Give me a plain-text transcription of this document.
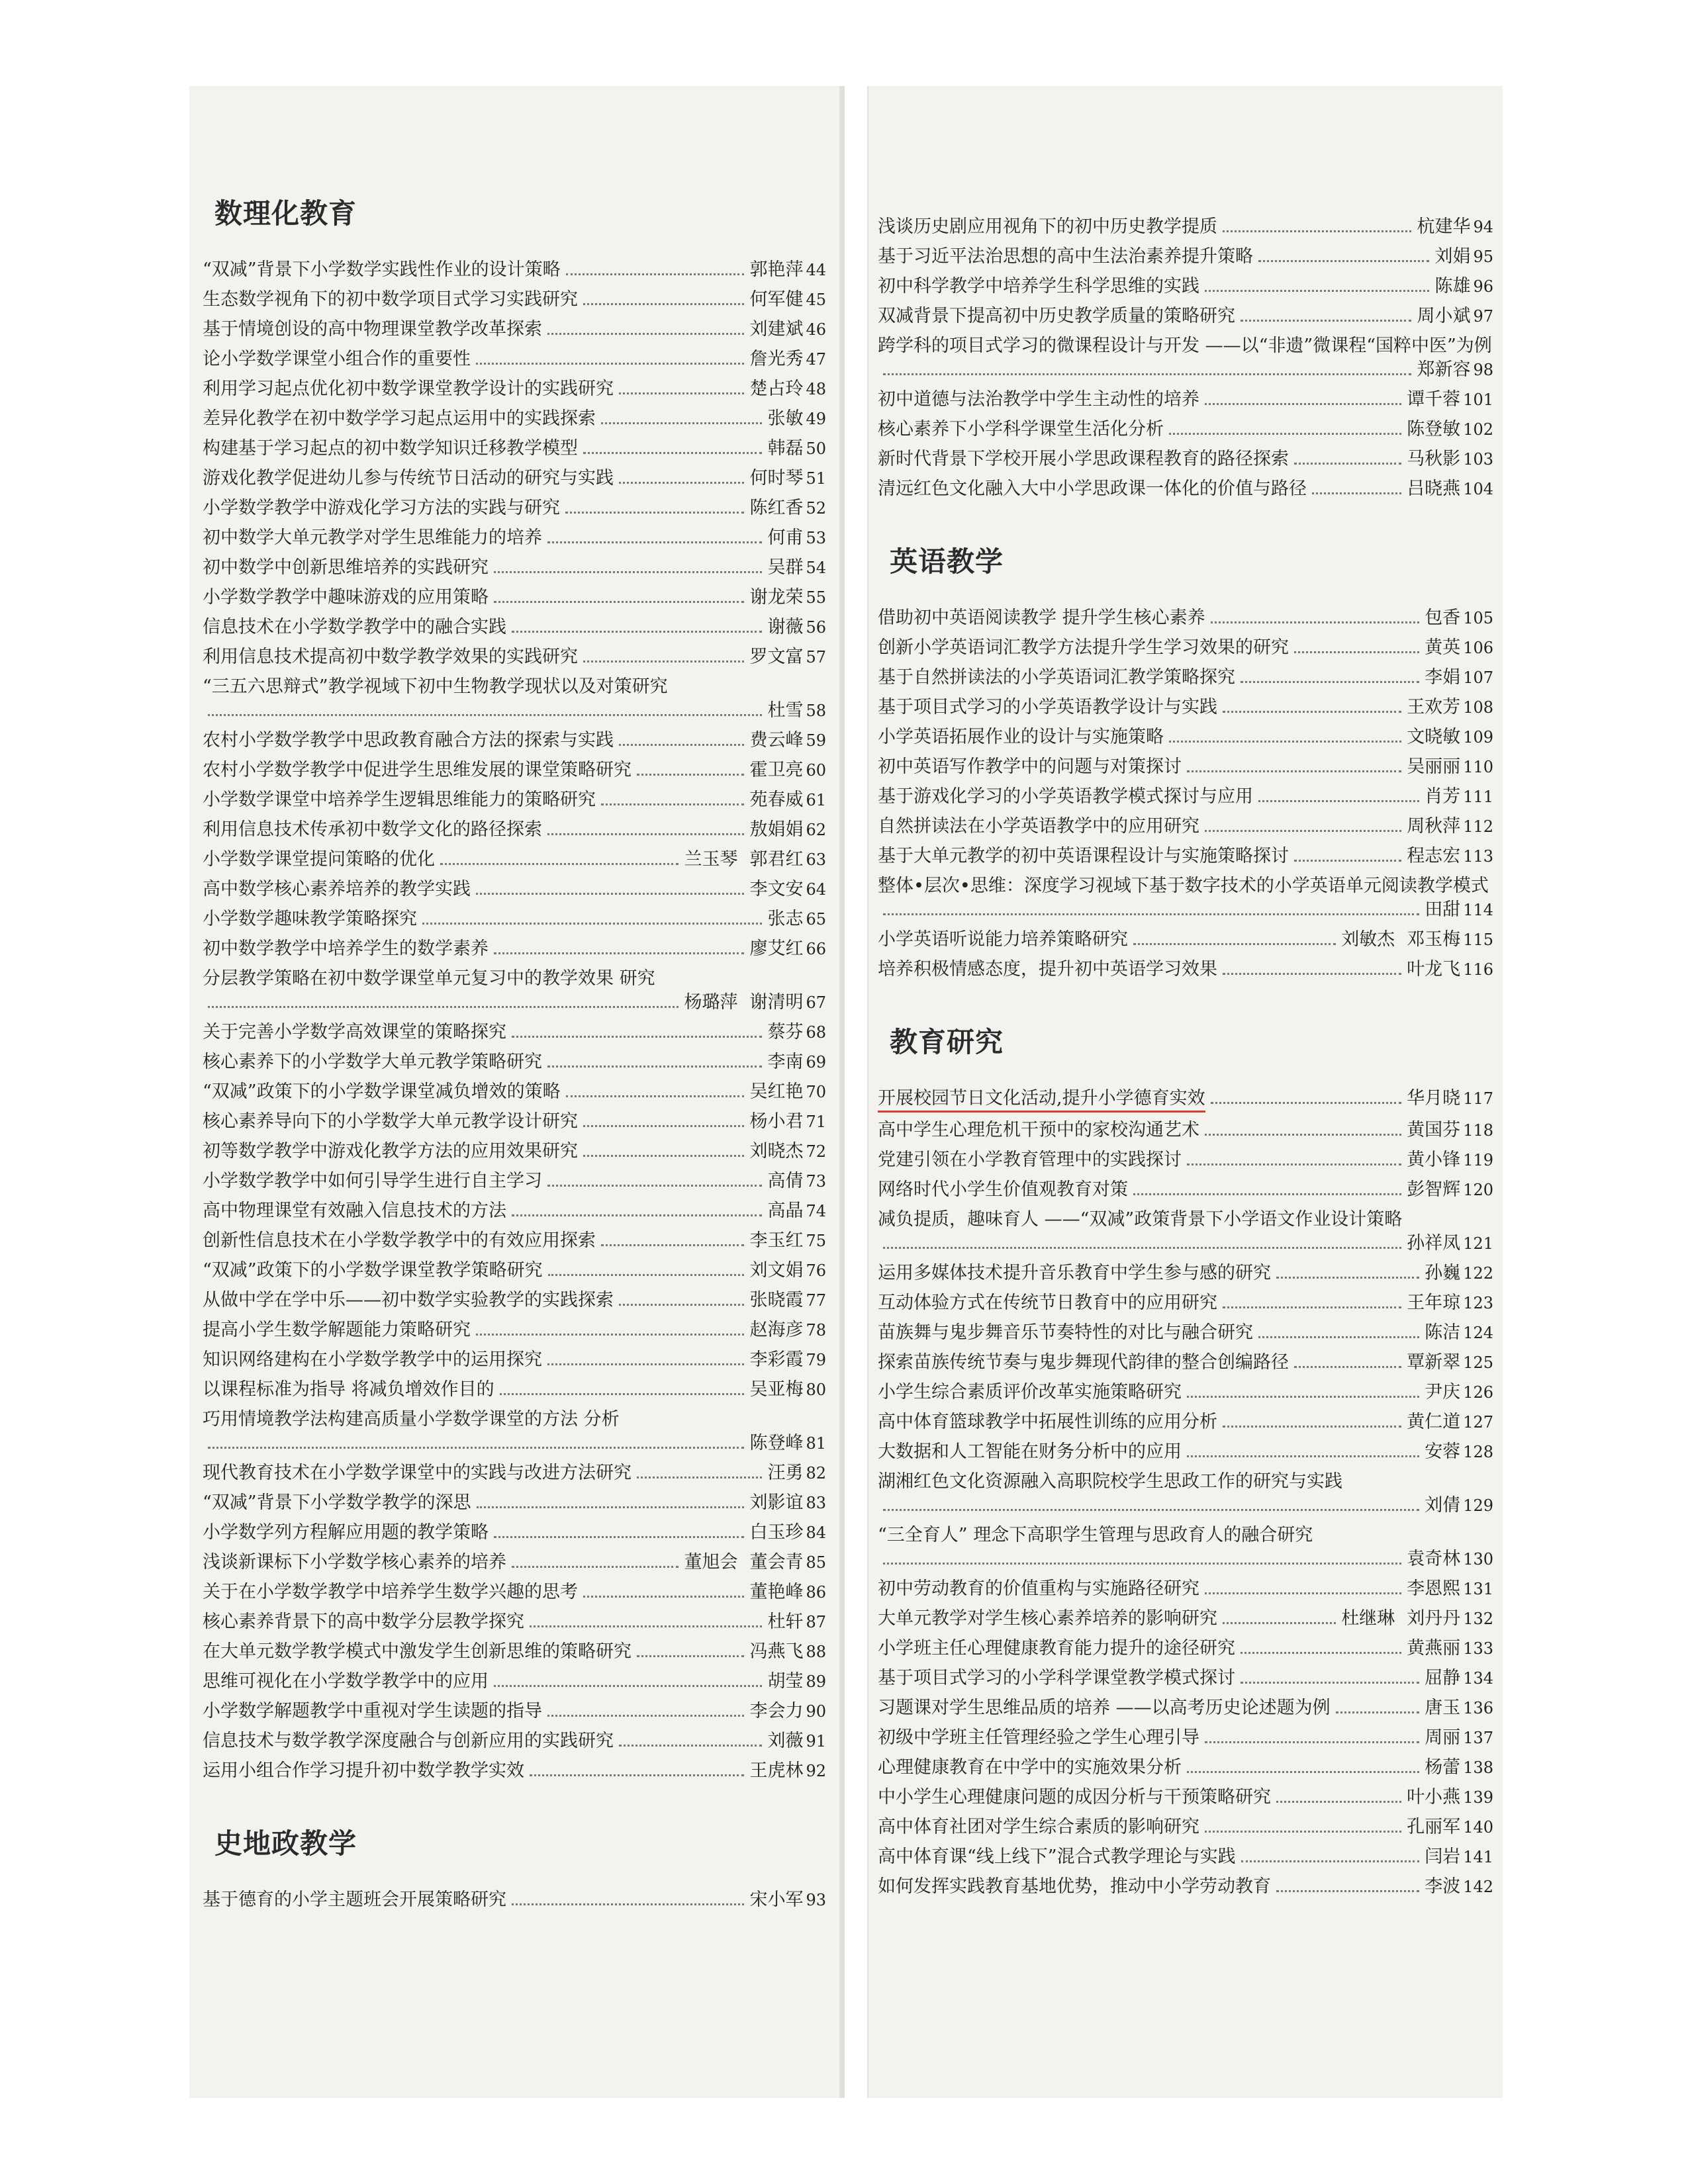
数理化教育
“双减”背景下小学数学实践性作业的设计策略	郭艳萍 44
生态数学视角下的初中数学项目式学习实践研究	何军健 45
基于情境创设的高中物理课堂教学改革探索	刘建斌 46
论小学数学课堂小组合作的重要性	詹光秀 47
利用学习起点优化初中数学课堂教学设计的实践研究	楚占玲 48
差异化教学在初中数学学习起点运用中的实践探索	张敏 49
构建基于学习起点的初中数学知识迁移教学模型	韩磊 50
游戏化教学促进幼儿参与传统节日活动的研究与实践	何时琴 51
小学数学教学中游戏化学习方法的实践与研究	陈红香 52
初中数学大单元教学对学生思维能力的培养	何甫 53
初中数学中创新思维培养的实践研究	吴群 54
小学数学教学中趣味游戏的应用策略	谢龙荣 55
信息技术在小学数学教学中的融合实践	谢薇 56
利用信息技术提高初中数学教学效果的实践研究	罗文富 57
“三五六思辩式”教学视域下初中生物教学现状以及对策研究
杜雪 58
农村小学数学教学中思政教育融合方法的探索与实践	费云峰 59
农村小学数学教学中促进学生思维发展的课堂策略研究	霍卫亮 60
小学数学课堂中培养学生逻辑思维能力的策略研究	苑春威 61
利用信息技术传承初中数学文化的路径探索	敖娟娟 62
小学数学课堂提问策略的优化	兰玉琴 郭君红 63
高中数学核心素养培养的教学实践	李文安 64
小学数学趣味教学策略探究	张志 65
初中数学教学中培养学生的数学素养	廖艾红 66
分层教学策略在初中数学课堂单元复习中的教学效果 研究
杨璐萍 谢清明 67
关于完善小学数学高效课堂的策略探究	蔡芬 68
核心素养下的小学数学大单元教学策略研究	李南 69
“双减”政策下的小学数学课堂减负增效的策略	吴红艳 70
核心素养导向下的小学数学大单元教学设计研究	杨小君 71
初等数学教学中游戏化教学方法的应用效果研究	刘晓杰 72
小学数学教学中如何引导学生进行自主学习	高倩 73
高中物理课堂有效融入信息技术的方法	高晶 74
创新性信息技术在小学数学教学中的有效应用探索	李玉红 75
“双减”政策下的小学数学课堂教学策略研究	刘文娟 76
从做中学在学中乐——初中数学实验教学的实践探索	张晓霞 77
提高小学生数学解题能力策略研究	赵海彦 78
知识网络建构在小学数学教学中的运用探究	李彩霞 79
以课程标准为指导 将减负增效作目的	吴亚梅 80
巧用情境教学法构建高质量小学数学课堂的方法 分析
陈登峰 81
现代教育技术在小学数学课堂中的实践与改进方法研究	汪勇 82
“双减”背景下小学数学教学的深思	刘影谊 83
小学数学列方程解应用题的教学策略	白玉珍 84
浅谈新课标下小学数学核心素养的培养	董旭会 董会青 85
关于在小学数学教学中培养学生数学兴趣的思考	董艳峰 86
核心素养背景下的高中数学分层教学探究	杜轩 87
在大单元数学教学模式中激发学生创新思维的策略研究	冯燕飞 88
思维可视化在小学数学教学中的应用	胡莹 89
小学数学解题教学中重视对学生读题的指导	李会力 90
信息技术与数学教学深度融合与创新应用的实践研究	刘薇 91
运用小组合作学习提升初中数学教学实效	王虎林 92
史地政教学
基于德育的小学主题班会开展策略研究	宋小军 93
浅谈历史剧应用视角下的初中历史教学提质	杭建华 94
基于习近平法治思想的高中生法治素养提升策略	刘娟 95
初中科学教学中培养学生科学思维的实践	陈雄 96
双减背景下提高初中历史教学质量的策略研究	周小斌 97
跨学科的项目式学习的微课程设计与开发 ——以“非遗”微课程“国粹中医”为例
郑新容 98
初中道德与法治教学中学生主动性的培养	谭千蓉 101
核心素养下小学科学课堂生活化分析	陈登敏 102
新时代背景下学校开展小学思政课程教育的路径探索	马秋影 103
清远红色文化融入大中小学思政课一体化的价值与路径	吕晓燕 104
英语教学
借助初中英语阅读教学 提升学生核心素养	包香 105
创新小学英语词汇教学方法提升学生学习效果的研究	黄英 106
基于自然拼读法的小学英语词汇教学策略探究	李娟 107
基于项目式学习的小学英语教学设计与实践	王欢芳 108
小学英语拓展作业的设计与实施策略	文晓敏 109
初中英语写作教学中的问题与对策探讨	吴丽丽 110
基于游戏化学习的小学英语教学模式探讨与应用	肖芳 111
自然拼读法在小学英语教学中的应用研究	周秋萍 112
基于大单元教学的初中英语课程设计与实施策略探讨	程志宏 113
整体•层次•思维：深度学习视域下基于数字技术的小学英语单元阅读教学模式
田甜 114
小学英语听说能力培养策略研究	刘敏杰 邓玉梅 115
培养积极情感态度，提升初中英语学习效果	叶龙飞 116
教育研究
开展校园节日文化活动,提升小学德育实效	华月晓 117
高中学生心理危机干预中的家校沟通艺术	黄国芬 118
党建引领在小学教育管理中的实践探讨	黄小锋 119
网络时代小学生价值观教育对策	彭智辉 120
减负提质，趣味育人 ——“双减”政策背景下小学语文作业设计策略
孙祥凤 121
运用多媒体技术提升音乐教育中学生参与感的研究	孙巍 122
互动体验方式在传统节日教育中的应用研究	王年琼 123
苗族舞与鬼步舞音乐节奏特性的对比与融合研究	陈洁 124
探索苗族传统节奏与鬼步舞现代韵律的整合创编路径	覃新翠 125
小学生综合素质评价改革实施策略研究	尹庆 126
高中体育篮球教学中拓展性训练的应用分析	黄仁道 127
大数据和人工智能在财务分析中的应用	安蓉 128
湖湘红色文化资源融入高职院校学生思政工作的研究与实践
刘倩 129
“三全育人” 理念下高职学生管理与思政育人的融合研究
袁奇林 130
初中劳动教育的价值重构与实施路径研究	李恩熙 131
大单元教学对学生核心素养培养的影响研究	杜继琳 刘丹丹 132
小学班主任心理健康教育能力提升的途径研究	黄燕丽 133
基于项目式学习的小学科学课堂教学模式探讨	屈静 134
习题课对学生思维品质的培养 ——以高考历史论述题为例	唐玉 136
初级中学班主任管理经验之学生心理引导	周丽 137
心理健康教育在中学中的实施效果分析	杨蕾 138
中小学生心理健康问题的成因分析与干预策略研究	叶小燕 139
高中体育社团对学生综合素质的影响研究	孔丽军 140
高中体育课“线上线下”混合式教学理论与实践	闫岩 141
如何发挥实践教育基地优势，推动中小学劳动教育	李波 142
